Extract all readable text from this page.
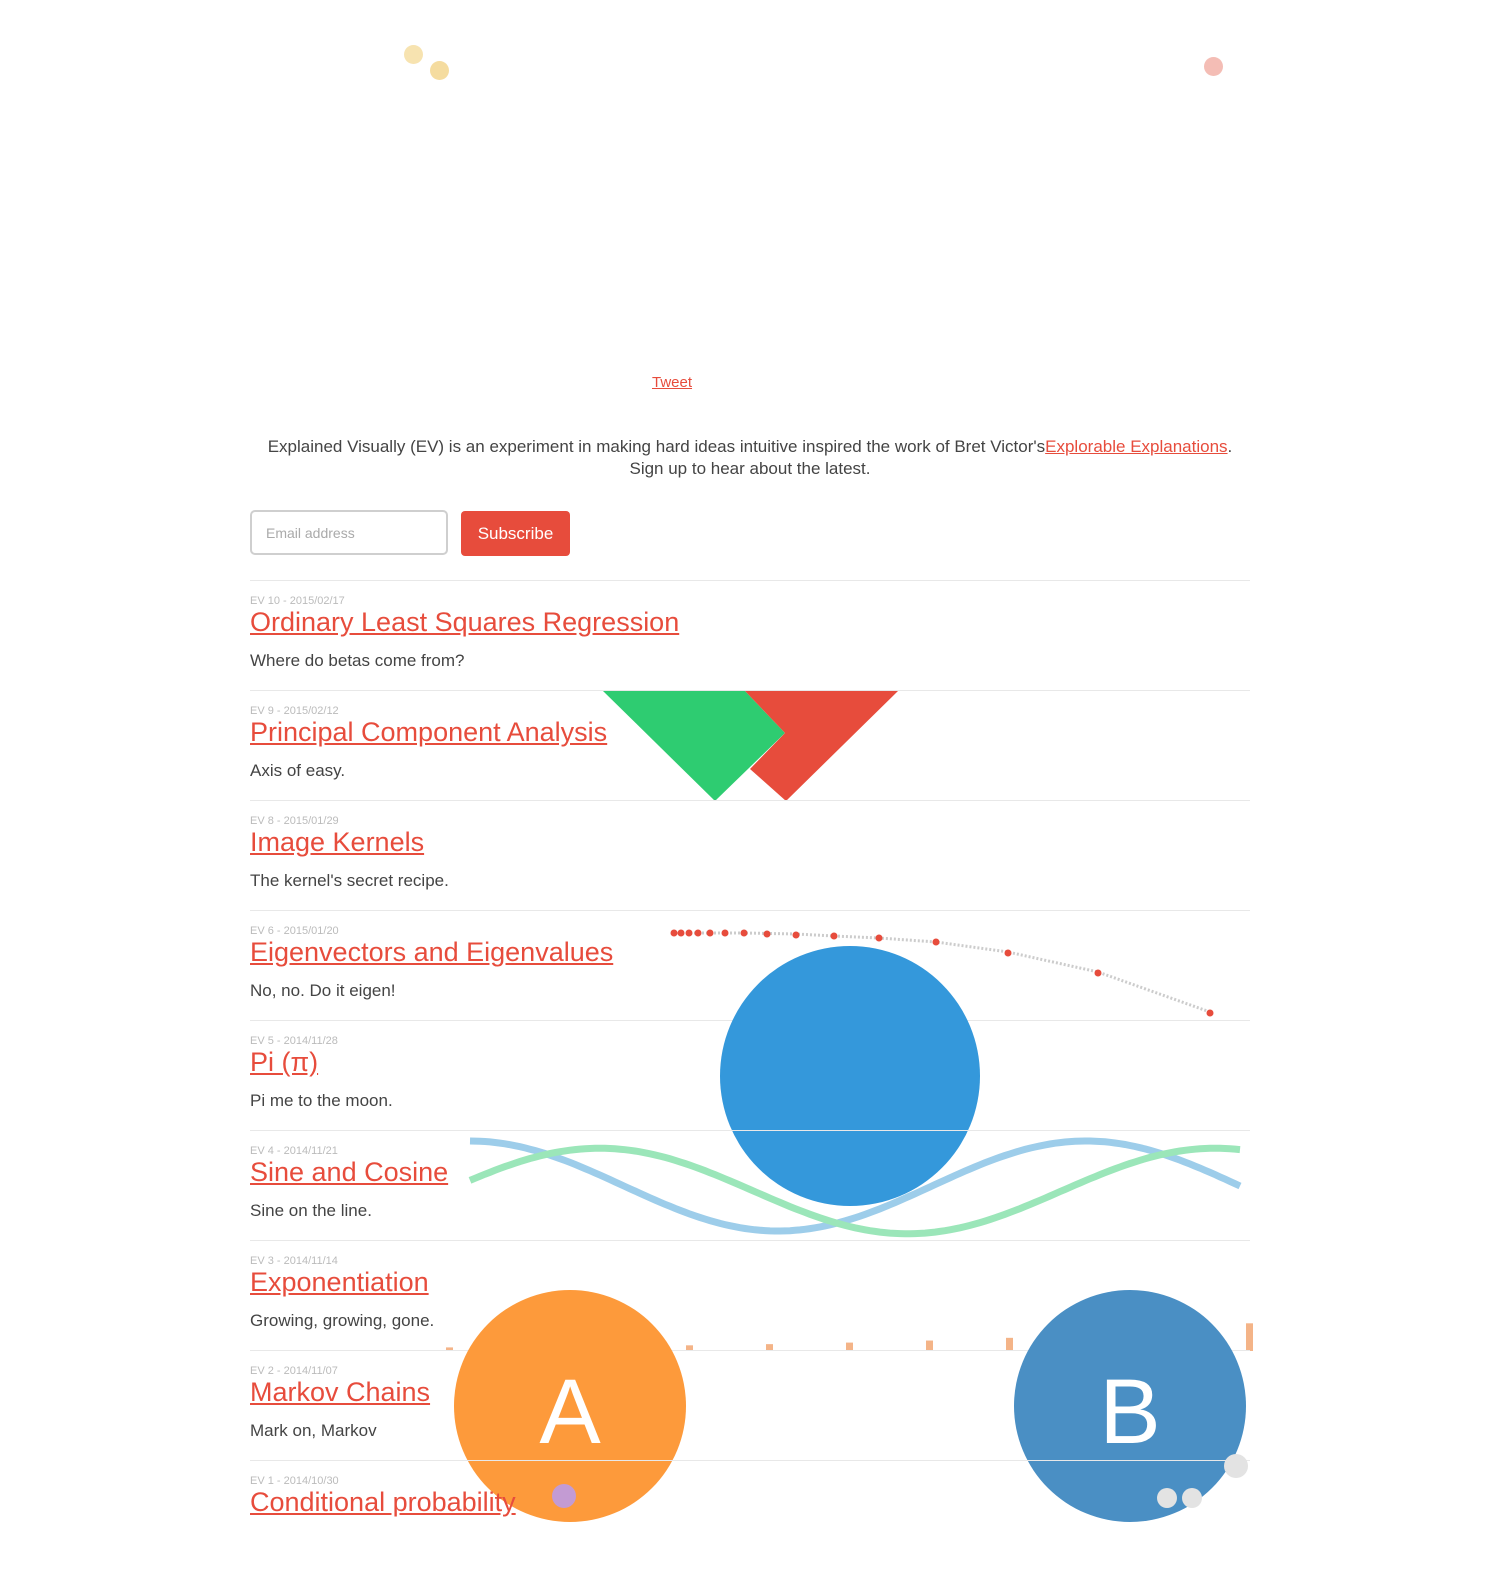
Tweet
Explained Visually (EV) is an experiment in making hard ideas intuitive inspired the work of Bret Victor'sExplorable Explanations.
Sign up to hear about the latest.
Email address
Subscribe
EV 10 - 2015/02/17
Ordinary Least Squares Regression
Where do betas come from?
EV 9 - 2015/02/12
Principal Component Analysis
Axis of easy.
EV 8 - 2015/01/29
Image Kernels
The kernel's secret recipe.
EV 6 - 2015/01/20
Eigenvectors and Eigenvalues
No, no. Do it eigen!
EV 5 - 2014/11/28
Pi (π)
Pi me to the moon.
EV 4 - 2014/11/21
Sine and Cosine
Sine on the line.
EV 3 - 2014/11/14
Exponentiation
Growing, growing, gone.
A	B
EV 2 - 2014/11/07
Markov Chains
Mark on, Markov
EV 1 - 2014/10/30
Conditional probability
